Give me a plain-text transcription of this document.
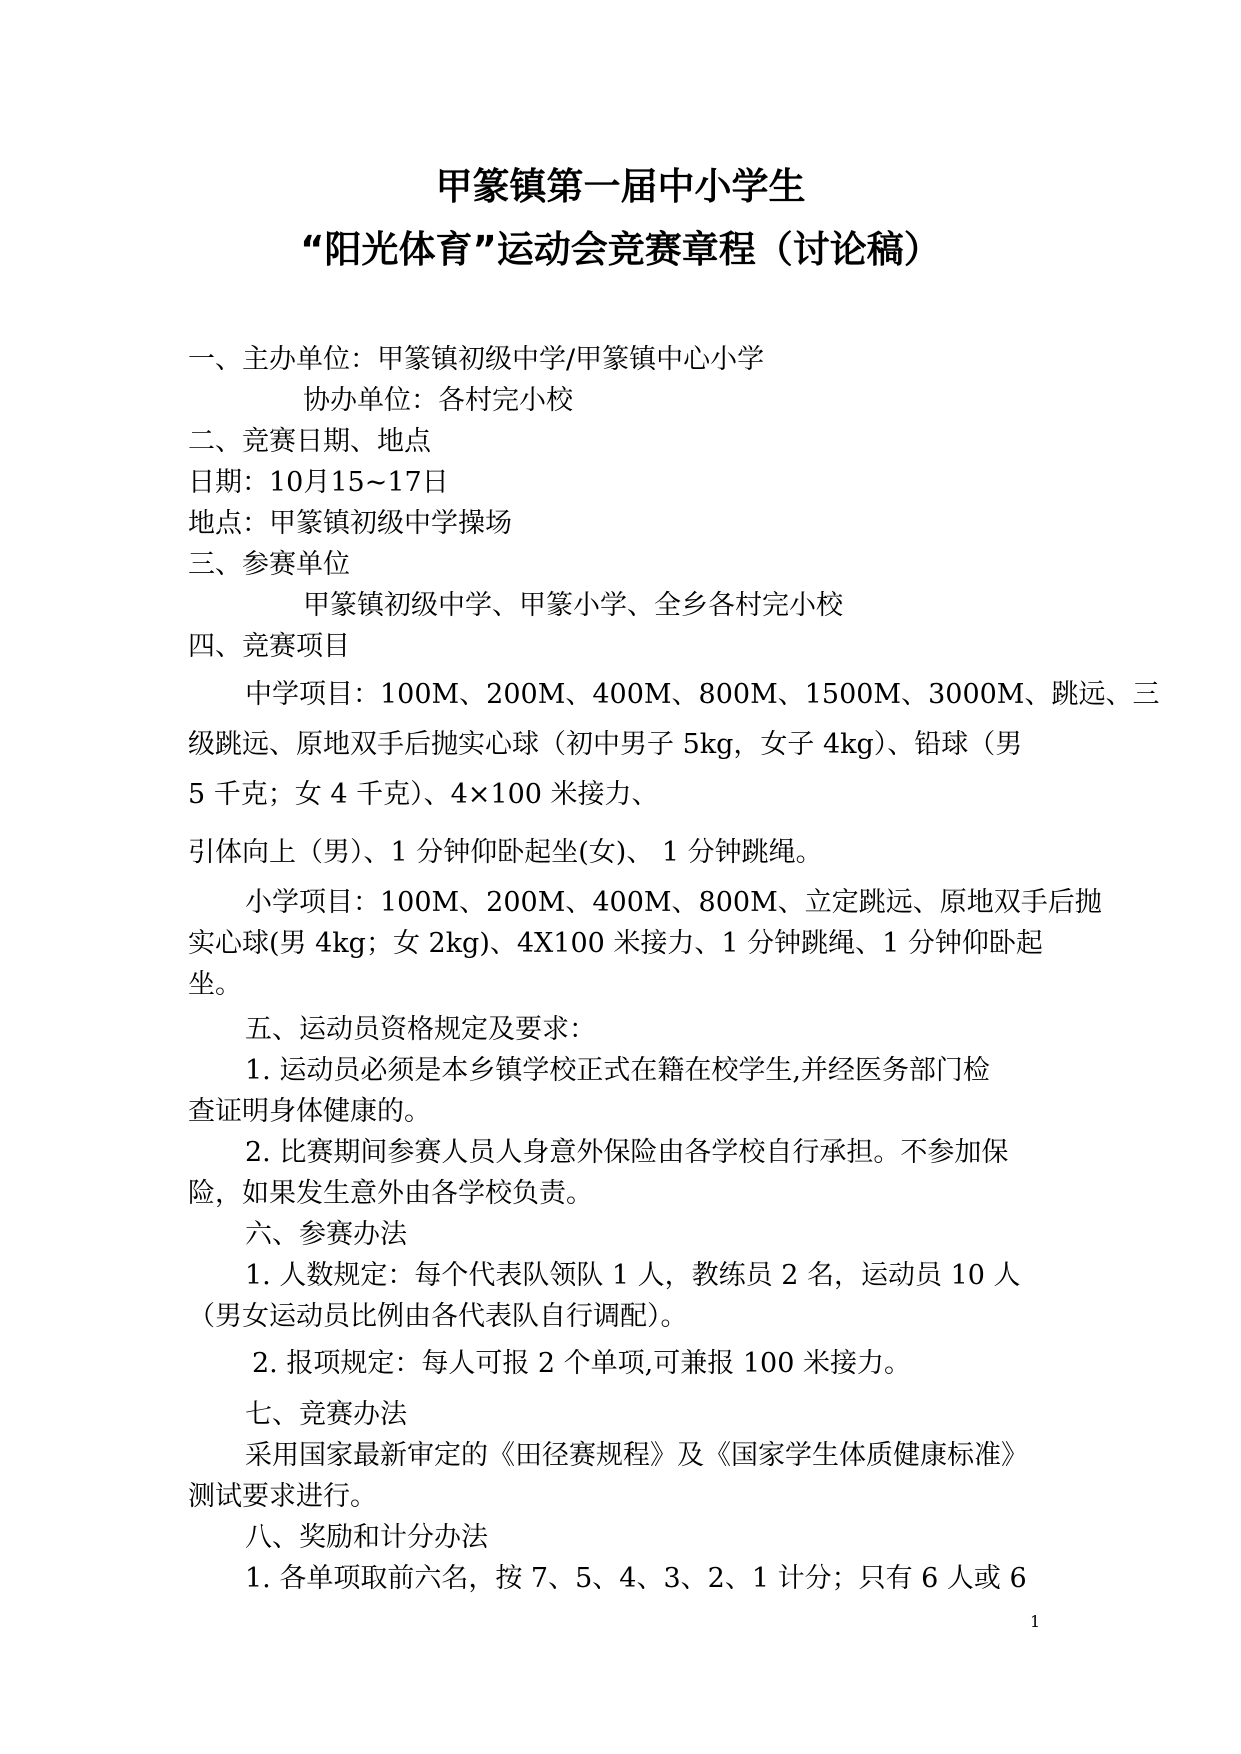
甲篆镇第一届中小学生
“阳光体育”运动会竞赛章程（讨论稿）
一、主办单位：甲篆镇初级中学/甲篆镇中心小学
协办单位：各村完小校
二、竞赛日期、地点
日期：10月15~17日
地点：甲篆镇初级中学操场
三、参赛单位
甲篆镇初级中学、甲篆小学、全乡各村完小校
四、竞赛项目
中学项目：100M、200M、400M、800M、1500M、3000M、跳远、三
级跳远、原地双手后抛实心球（初中男子 5kg，女子 4kg）、铅球（男
5 千克；女 4 千克）、4×100 米接力、
引体向上（男）、1 分钟仰卧起坐(女)、 1 分钟跳绳。
小学项目：100M、200M、400M、800M、立定跳远、原地双手后抛
实心球(男 4kg；女 2kg)、4X100 米接力、1 分钟跳绳、1 分钟仰卧起
坐。
五、运动员资格规定及要求：
1. 运动员必须是本乡镇学校正式在籍在校学生,并经医务部门检
查证明身体健康的。
2. 比赛期间参赛人员人身意外保险由各学校自行承担。不参加保
险，如果发生意外由各学校负责。
六、参赛办法
1. 人数规定：每个代表队领队 1 人，教练员 2 名，运动员 10 人
（男女运动员比例由各代表队自行调配）。
2. 报项规定：每人可报 2 个单项,可兼报 100 米接力。
七、竞赛办法
采用国家最新审定的《田径赛规程》及《国家学生体质健康标准》
测试要求进行。
八、奖励和计分办法
1. 各单项取前六名，按 7、5、4、3、2、1 计分；只有 6 人或 6
1
